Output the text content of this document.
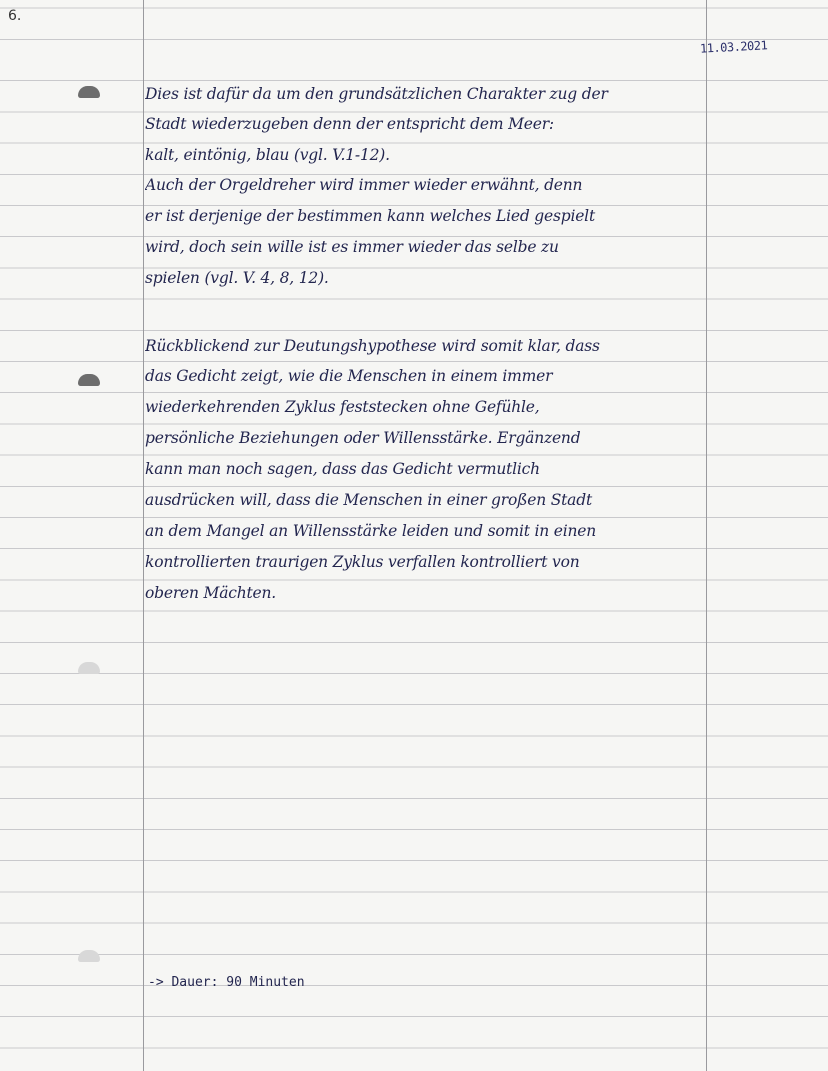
6.
11.03.2021
Dies ist dafür da um den grundsätzlichen Charakter zug der
Stadt wiederzugeben denn der entspricht dem Meer:
kalt, eintönig, blau (vgl. V.1-12).
Auch der Orgeldreher wird immer wieder erwähnt, denn
er ist derjenige der bestimmen kann welches Lied gespielt
wird, doch sein wille ist es immer wieder das selbe zu
spielen (vgl. V. 4, 8, 12).
Rückblickend zur Deutungshypothese wird somit klar, dass
das Gedicht zeigt, wie die Menschen in einem immer
wiederkehrenden Zyklus feststecken ohne Gefühle,
persönliche Beziehungen oder Willensstärke. Ergänzend
kann man noch sagen, dass das Gedicht vermutlich
ausdrücken will, dass die Menschen in einer großen Stadt
an dem Mangel an Willensstärke leiden und somit in einen
kontrollierten traurigen Zyklus verfallen kontrolliert von
oberen Mächten.
-> Dauer: 90 Minuten
